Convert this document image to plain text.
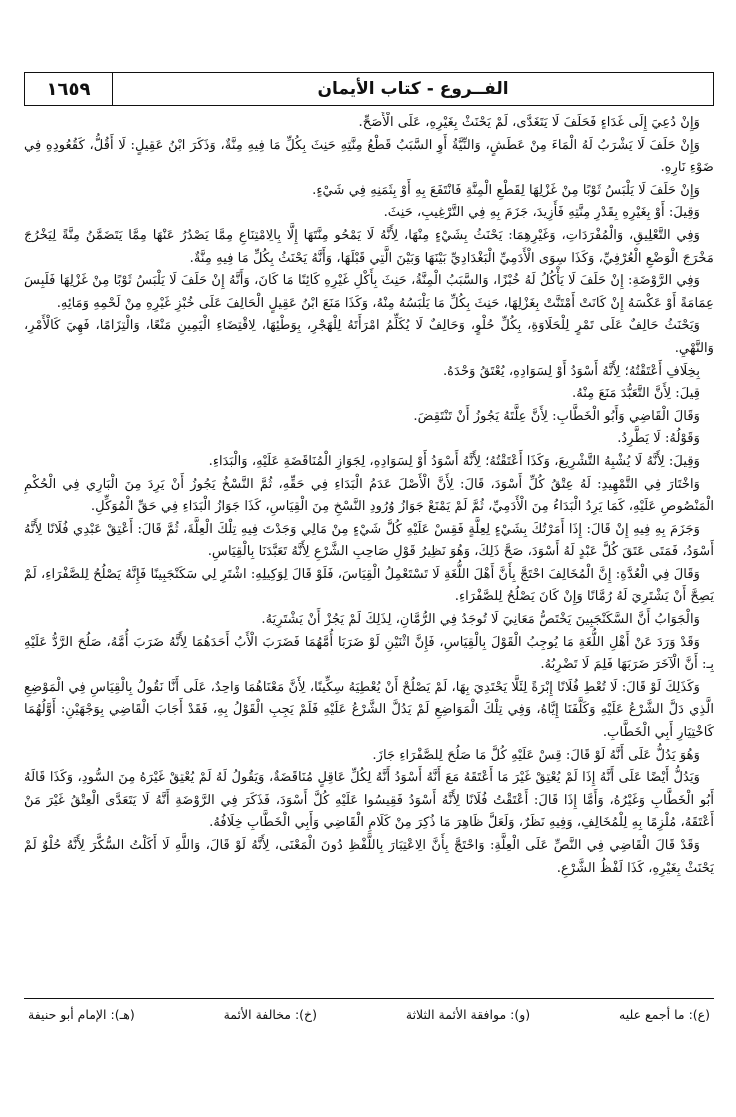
الفــروع - كتاب الأيمان
١٦٥٩

وَإِنْ دُعِيَ إِلَى غَدَاءٍ فَحَلَفَ لَا يَتَغَدَّى، لَمْ يَحْنَثْ بِغَيْرِهِ، عَلَى الْأَصَحِّ.

وَإِنْ حَلَفَ لَا يَشْرَبُ لَهُ الْمَاءَ مِنْ عَطَشٍ، وَالنِّيَّةُ أَوِ السَّبَبُ قَطْعُ مِنَّتِهِ حَنِثَ بِكُلِّ مَا فِيهِ مِنَّةٌ، وَذَكَرَ ابْنُ عَقِيلٍ: لَا أَقُلُّ، كَقُعُودِهِ فِي ضَوْءِ نَارِهِ.

وَإِنْ حَلَفَ لَا يَلْبَسُ ثَوْبًا مِنْ غَزْلِهَا لِقَطْعِ الْمِنَّةِ فَانْتَفَعَ بِهِ أَوْ بِثَمَنِهِ فِي شَيْءٍ.

وَقِيلَ: أَوْ بِغَيْرِهِ بِقَدْرِ مِنَّتِهِ فَأَزِيدَ، جَزَمَ بِهِ فِي التَّرْغِيبِ، حَنِثَ.

وَفِي التَّعْلِيقِ، وَالْمُفْرَدَاتِ، وَغَيْرِهِمَا: يَحْنَثُ بِشَيْءٍ مِنْهَا، لِأَنَّهُ لَا يَمْحُو مِنَّتَهَا إِلَّا بِالِامْتِنَاعِ مِمَّا يَصْدُرُ عَنْهَا مِمَّا يَتَضَمَّنُ مِنَّةً لِيَخْرُجَ مَخْرَجَ الْوَضْعِ الْعُرْفِيِّ، وَكَذَا سِوَى الْأَدَمِيِّ الْبَغْدَادِيِّ بَيْنَهَا وَبَيْنَ الَّتِي قَبْلَهَا، وَأَنَّهُ يَحْنَثُ بِكُلِّ مَا فِيهِ مِنَّةٌ.

وَفِي الرَّوْضَةِ: إِنْ حَلَفَ لَا يَأْكُلُ لَهُ خُبْزًا، وَالسَّبَبُ الْمِنَّةُ، حَنِثَ بِأَكْلِ غَيْرِهِ كَائِنًا مَا كَانَ، وَأَنَّهُ إِنْ حَلَفَ لَا يَلْبَسُ ثَوْبًا مِنْ غَزْلِهَا فَلَبِسَ عِمَامَةً أَوْ عَكْسَهُ إِنْ كَانَتْ أَمْتَنَّتْ بِغَزْلِهَا، حَنِثَ بِكُلِّ مَا يَلْبَسُهُ مِنْهُ، وَكَذَا مَنَعَ ابْنُ عَقِيلٍ الْحَالِفَ عَلَى خُبْزِ غَيْرِهِ مِنْ لَحْمِهِ وَمَائِهِ.

وَيَحْنَثُ حَالِفٌ عَلَى تَمْرٍ لِلْحَلَاوَةِ، بِكُلِّ حُلْوٍ، وَحَالِفٌ لَا يُكَلِّمُ امْرَأَتَهُ لِلْهَجْرِ، بِوَطْئِهَا، لِاقْتِضَاءِ الْيَمِينِ مَنْعًا، وَالْتِزَامًا، فَهِيَ كَالْأَمْرِ، وَالنَّهْيِ.

بِخِلَافِ أَعْتَقْتُهُ؛ لِأَنَّهُ أَسْوَدُ أَوْ لِسَوَادِهِ، يُعْتَقُ وَحْدَهُ.

قِيلَ: لِأَنَّ التَّعَبُّدَ مَنَعَ مِنْهُ.

وَقَالَ الْقَاضِي وَأَبُو الْخَطَّابِ: لِأَنَّ عِلَّتَهُ يَجُوزُ أَنْ تَنْتَقِضَ.

وَقَوْلُهُ: لَا يَطَّرِدُ.

وَقِيلَ: لِأَنَّهُ لَا يُشْبِهُ التَّشْرِيعَ، وَكَذَا أَعْتَقْتُهُ؛ لِأَنَّهُ أَسْوَدُ أَوْ لِسَوَادِهِ، لِجَوَازِ الْمُنَاقَضَةِ عَلَيْهِ، وَالْبَدَاءِ.

وَاخْتَارَ فِي التَّمْهِيدِ: لَهُ عِتْقُ كُلِّ أَسْوَدَ، قَالَ: لِأَنَّ الْأَصْلَ عَدَمُ الْبَدَاءِ فِي حَقِّهِ، ثُمَّ النَّسْخُ يَجُوزُ أَنْ يَرِدَ مِنَ الْبَارِي فِي الْحُكْمِ الْمَنْصُوصِ عَلَيْهِ، كَمَا يَرِدُ الْبَدَاءُ مِنَ الْأَدَمِيِّ، ثُمَّ لَمْ يَمْنَعْ جَوَازُ وُرُودِ النَّسْخِ مِنَ الْقِيَاسِ، كَذَا جَوَازُ الْبَدَاءِ فِي حَقِّ الْمُوَكِّلِ.

وَجَزَمَ بِهِ فِيهِ إِنْ قَالَ: إِذَا أَمَرْتُكَ بِشَيْءٍ لِعِلَّةٍ فَقِسْ عَلَيْهِ كُلَّ شَيْءٍ مِنْ مَالِي وَجَدْتَ فِيهِ تِلْكَ الْعِلَّةَ، ثُمَّ قَالَ: أَعْتِقْ عَبْدِي فُلَانًا لِأَنَّهُ أَسْوَدُ، فَمَتَى عَتَقَ كُلَّ عَبْدٍ لَهُ أَسْوَدَ، صَحَّ ذَلِكَ، وَهُوَ نَظِيرُ قَوْلِ صَاحِبِ الشَّرْعِ لِأَنَّهُ تَعَبَّدَنَا بِالْقِيَاسِ.

وَقَالَ فِي الْعُدَّةِ: إِنَّ الْمُخَالِفَ احْتَجَّ بِأَنَّ أَهْلَ اللُّغَةِ لَا تَسْتَعْمِلُ الْقِيَاسَ، فَلَوْ قَالَ لِوَكِيلِهِ: اشْتَرِ لِي سَكَنْجَبِينًا فَإِنَّهُ يَصْلُحُ لِلصَّفْرَاءِ، لَمْ يَصِحَّ أَنْ يَشْتَرِيَ لَهُ رُمَّانًا وَإِنْ كَانَ يَصْلُحُ لِلصَّفْرَاءِ.

وَالْجَوَابُ أَنَّ السَّكَنْجَبِينَ يَخْتَصُّ مَعَانِيَ لَا تُوجَدُ فِي الرُّمَّانِ، لِذَلِكَ لَمْ يَجُزْ أَنْ يَشْتَرِيَهُ.

وَقَدْ وَرَدَ عَنْ أَهْلِ اللُّغَةِ مَا يُوجِبُ الْقَوْلَ بِالْقِيَاسِ، فَإِنَّ اثْنَيْنِ لَوْ ضَرَبَا أُمَّهُمَا فَضَرَبَ الْأَبُ أَحَدَهُمَا لِأَنَّهُ ضَرَبَ أُمَّهُ، صَلُحَ الرَّدُّ عَلَيْهِ بِـ: أَنَّ الْآخَرَ ضَرَبَهَا فَلِمَ لَا تَضْرِبُهُ.

وَكَذَلِكَ لَوْ قَالَ: لَا تُعْطِ فُلَانًا إِبْرَةً لِئَلَّا يَحْتَدِيَ بِهَا، لَمْ يَصْلُحْ أَنْ يُعْطِيَهُ سِكِّينًا، لِأَنَّ مَعْنَاهُمَا وَاحِدٌ، عَلَى أَنَّا نَقُولُ بِالْقِيَاسِ فِي الْمَوْضِعِ الَّذِي دَلَّ الشَّرْعُ عَلَيْهِ وَكَلَّفَنَا إِيَّاهُ، وَفِي تِلْكَ الْمَوَاضِعِ لَمْ يَدُلَّ الشَّرْعُ عَلَيْهِ فَلَمْ يَجِبِ الْقَوْلُ بِهِ، فَقَدْ أَجَابَ الْقَاضِي بِوَجْهَيْنِ: أَوَّلُهُمَا كَاخْتِيَارِ أَبِي الْخَطَّابِ.

وَهُوَ يَدُلُّ عَلَى أَنَّهُ لَوْ قَالَ: قِسْ عَلَيْهِ كُلَّ مَا صَلُحَ لِلصَّفْرَاءِ جَازَ.

وَيَدُلُّ أَيْضًا عَلَى أَنَّهُ إِذَا لَمْ يُعْتِقْ غَيْرَ مَا أَعْتَقَهُ مَعَ أَنَّهُ أَسْوَدُ أَنَّهُ لِكُلِّ عَاقِلٍ مُنَاقَضَةٌ، وَيَقُولُ لَهُ لَمْ يُعْتِقْ غَيْرَهُ مِنَ السُّودِ، وَكَذَا قَالَهُ أَبُو الْخَطَّابِ وَغَيْرُهُ، وَأَمَّا إِذَا قَالَ: أَعْتَقْتُ فُلَانًا لِأَنَّهُ أَسْوَدُ فَقِيسُوا عَلَيْهِ كُلَّ أَسْوَدَ، فَذَكَرَ فِي الرَّوْضَةِ أَنَّهُ لَا يَتَعَدَّى الْعِتْقُ غَيْرَ مَنْ أَعْتَقَهُ، مُلْزِمًا بِهِ لِلْمُخَالِفِ، وَفِيهِ نَظَرٌ، وَلَعَلَّ ظَاهِرَ مَا ذُكِرَ مِنْ كَلَامِ الْقَاضِي وَأَبِي الْخَطَّابِ خِلَافُهُ.

وَقَدْ قَالَ الْقَاضِي فِي النَّصِّ عَلَى الْعِلَّةِ: وَاحْتَجَّ بِأَنَّ الِاعْتِبَارَ بِاللَّفْظِ دُونَ الْمَعْنَى، لِأَنَّهُ لَوْ قَالَ، وَاللَّهِ لَا أَكَلْتُ السُّكَّرَ لِأَنَّهُ حُلْوٌ لَمْ يَحْنَثْ بِغَيْرِهِ، كَذَا لَفْظُ الشَّرْعِ.

(ع): ما أجمع عليه
(و): موافقة الأئمة الثلاثة
(خ): مخالفة الأئمة
(هـ): الإمام أبو حنيفة
